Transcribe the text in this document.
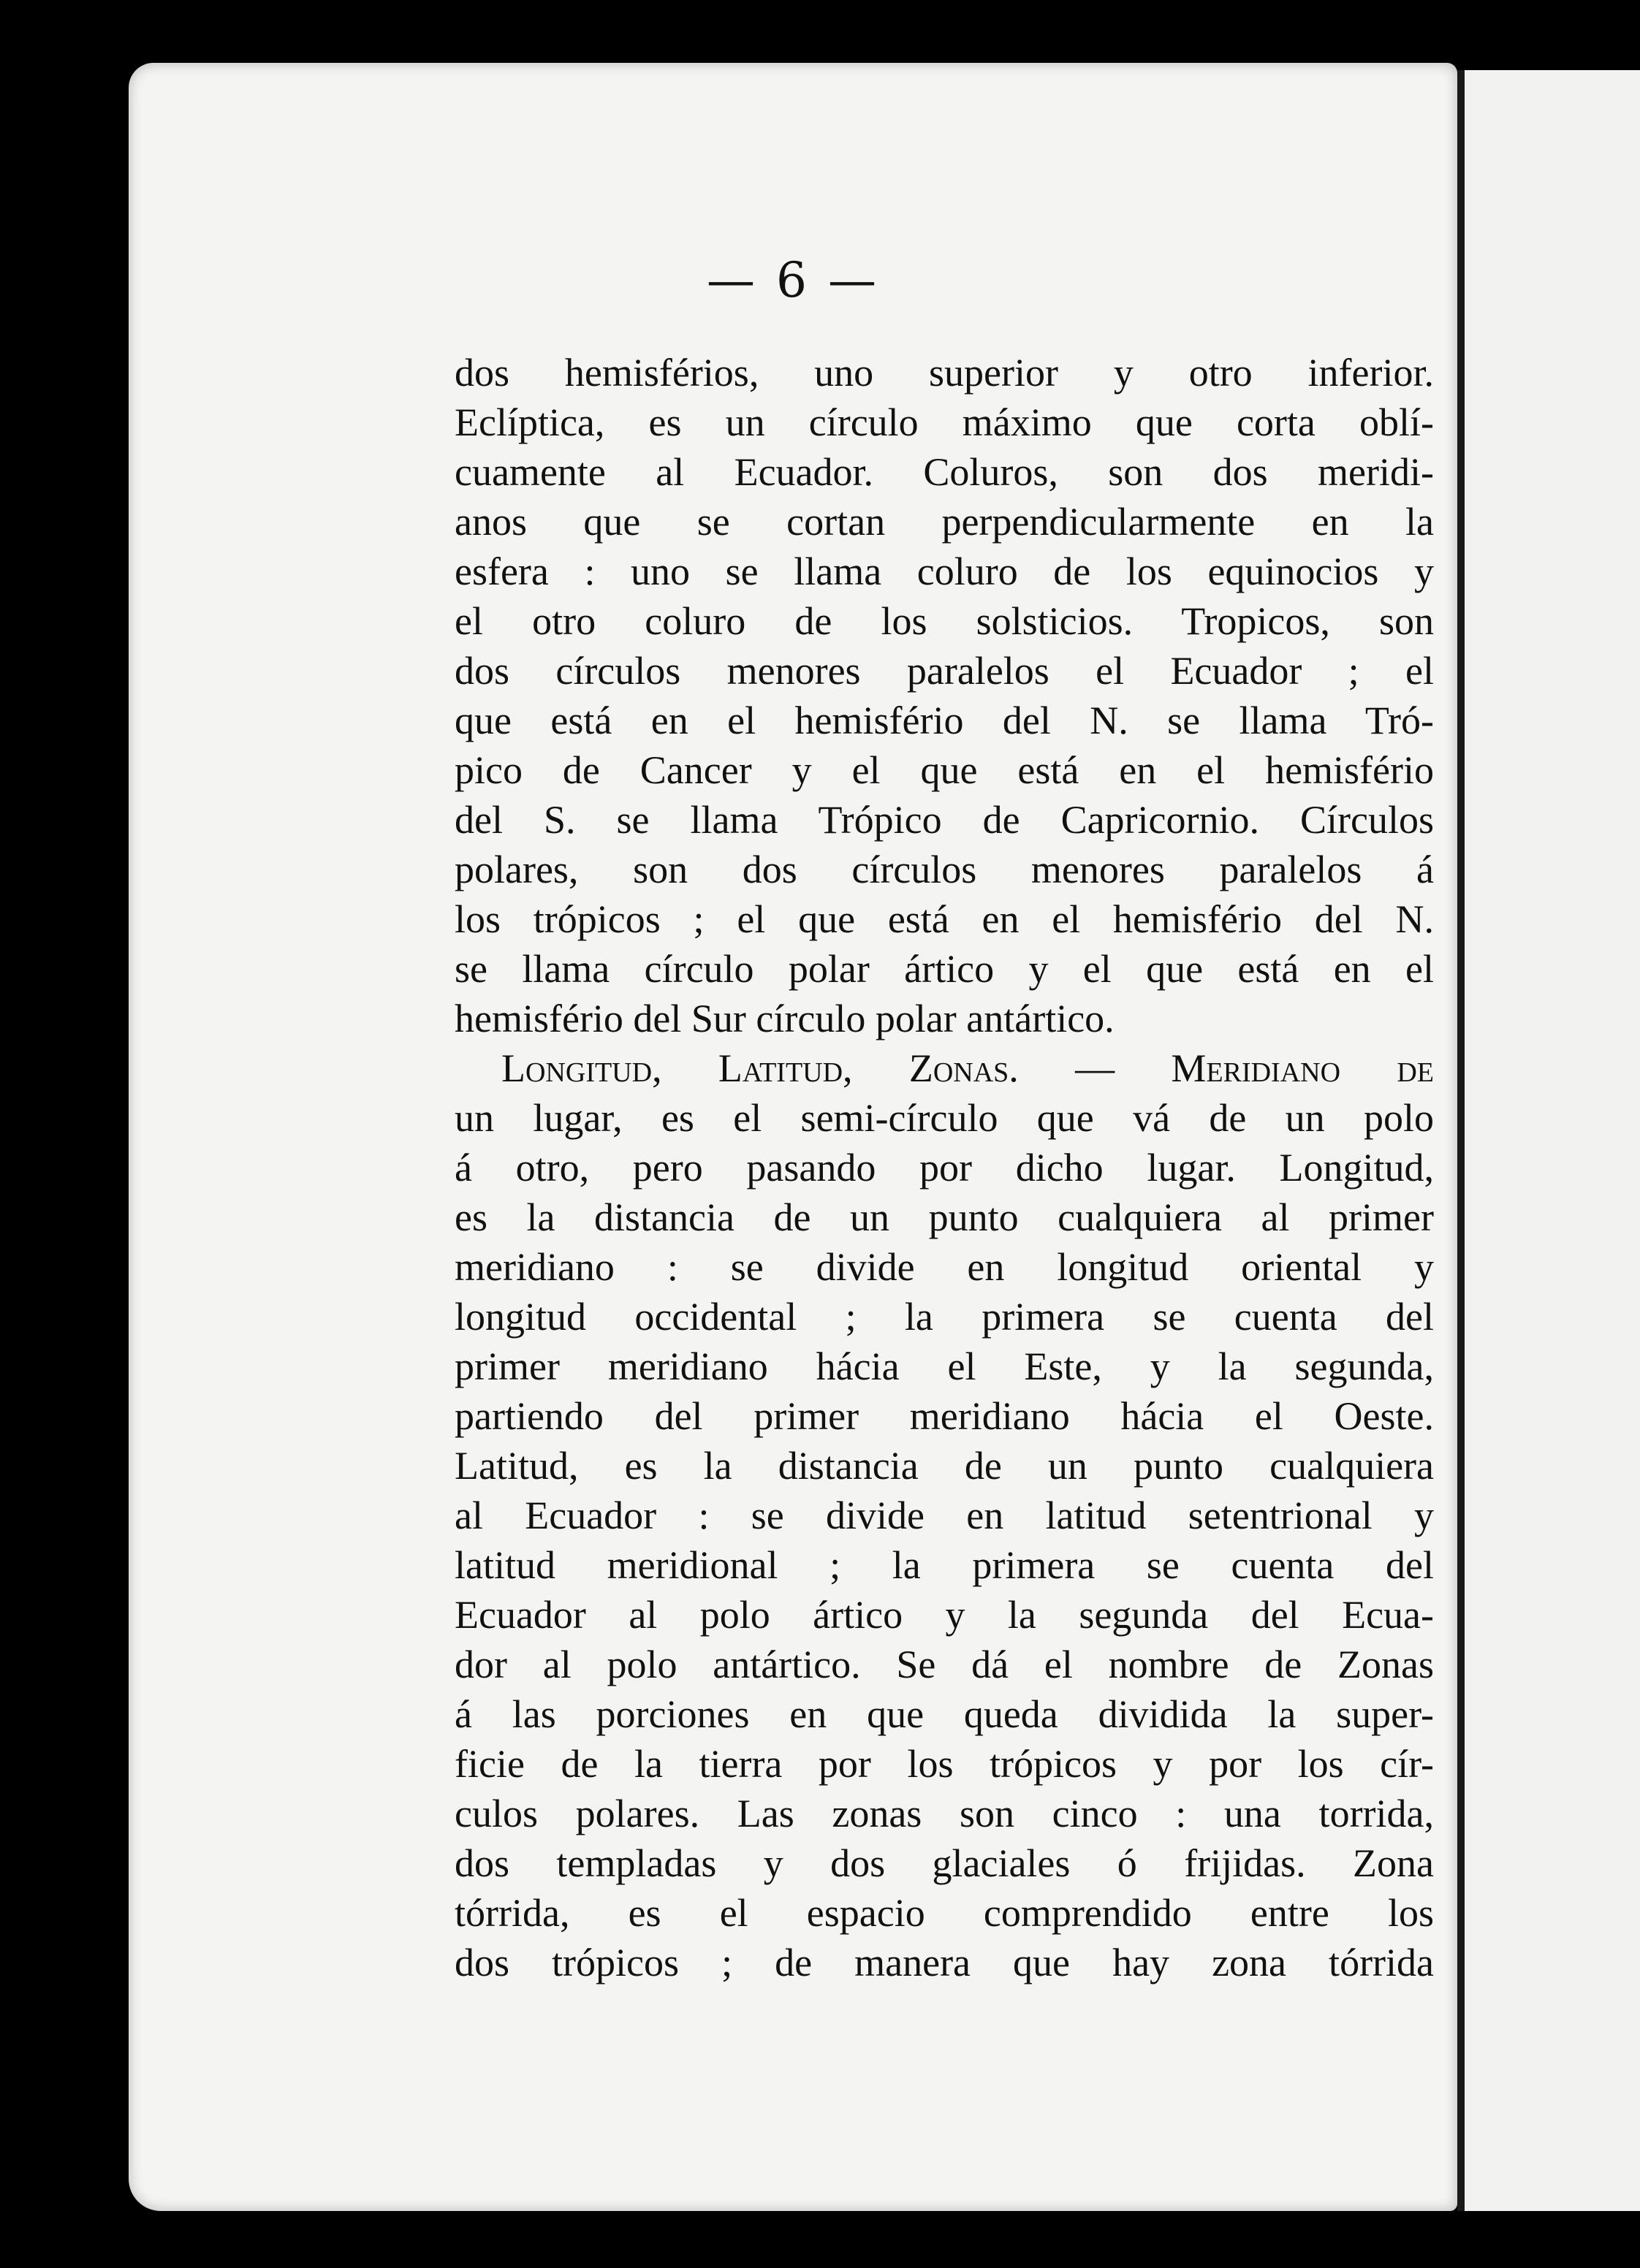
— 6 —
dos hemisférios, uno superior y otro inferior.
Eclíptica, es un círculo máximo que corta oblí-
cuamente al Ecuador. Coluros, son dos meridi-
anos que se cortan perpendicularmente en la
esfera : uno se llama coluro de los equinocios y
el otro coluro de los solsticios. Tropicos, son
dos círculos menores paralelos el Ecuador ; el
que está en el hemisfério del N. se llama Tró-
pico de Cancer y el que está en el hemisfério
del S. se llama Trópico de Capricornio. Círculos
polares, son dos círculos menores paralelos á
los trópicos ; el que está en el hemisfério del N.
se llama círculo polar ártico y el que está en el
hemisfério del Sur círculo polar antártico.
Longitud, Latitud, Zonas. — Meridiano de
un lugar, es el semi-círculo que vá de un polo
á otro, pero pasando por dicho lugar. Longitud,
es la distancia de un punto cualquiera al primer
meridiano : se divide en longitud oriental y
longitud occidental ; la primera se cuenta del
primer meridiano hácia el Este, y la segunda,
partiendo del primer meridiano hácia el Oeste.
Latitud, es la distancia de un punto cualquiera
al Ecuador : se divide en latitud setentrional y
latitud meridional ; la primera se cuenta del
Ecuador al polo ártico y la segunda del Ecua-
dor al polo antártico. Se dá el nombre de Zonas
á las porciones en que queda dividida la super-
ficie de la tierra por los trópicos y por los cír-
culos polares. Las zonas son cinco : una torrida,
dos templadas y dos glaciales ó frijidas. Zona
tórrida, es el espacio comprendido entre los
dos trópicos ; de manera que hay zona tórrida
